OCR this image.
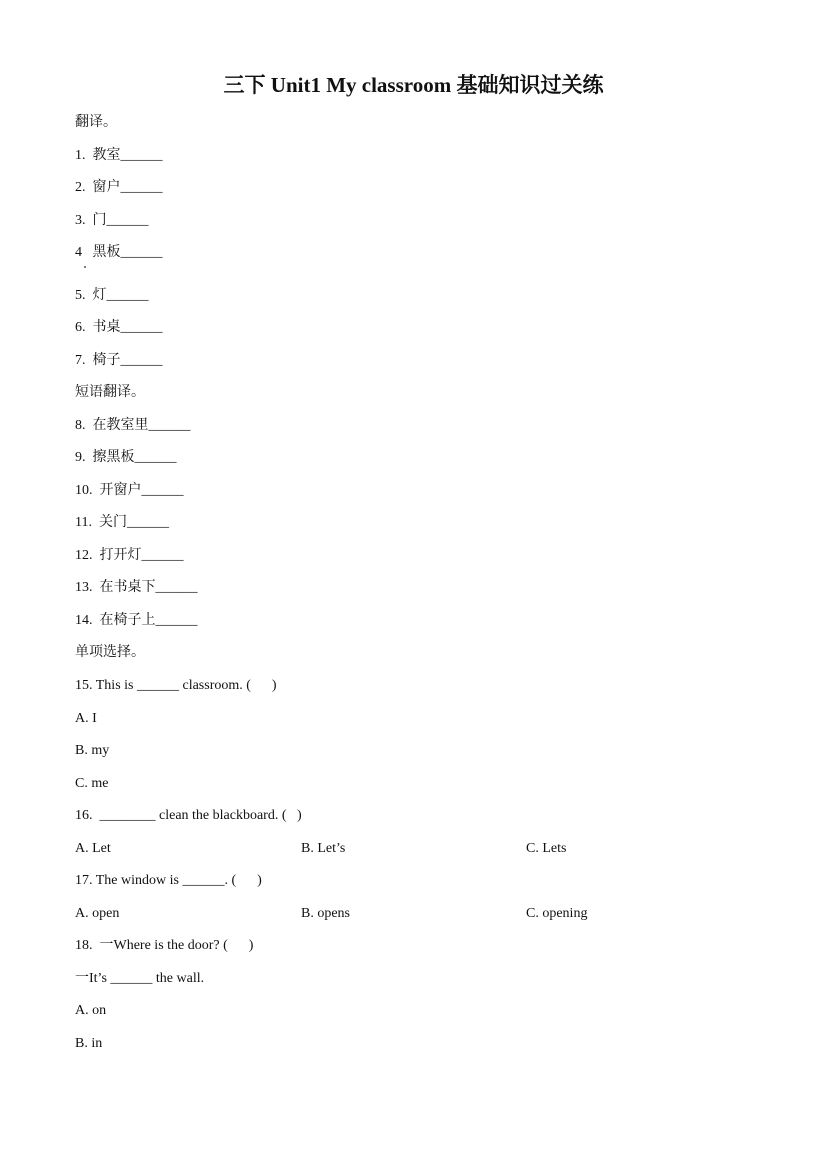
三下 Unit1 My classroom 基础知识过关练
翻译。
1.  教室______
2.  窗户______
3.  门______
4   黑板______
5.  灯______
6.  书桌______
7.  椅子______
短语翻译。
8.  在教室里______
9.  擦黑板______
10.  开窗户______
11.  关门______
12.  打开灯______
13.  在书桌下______
14.  在椅子上______
单项选择。
15. This is ______ classroom. (      )
A. I
B. my
C. me
16.  ________ clean the blackboard. (   )
A. Let	B. Let’s	C. Lets
17. The window is ______. (      )
A. open	B. opens	C. opening
18.  一Where is the door? (      )
一It’s ______ the wall.
A. on
B. in
